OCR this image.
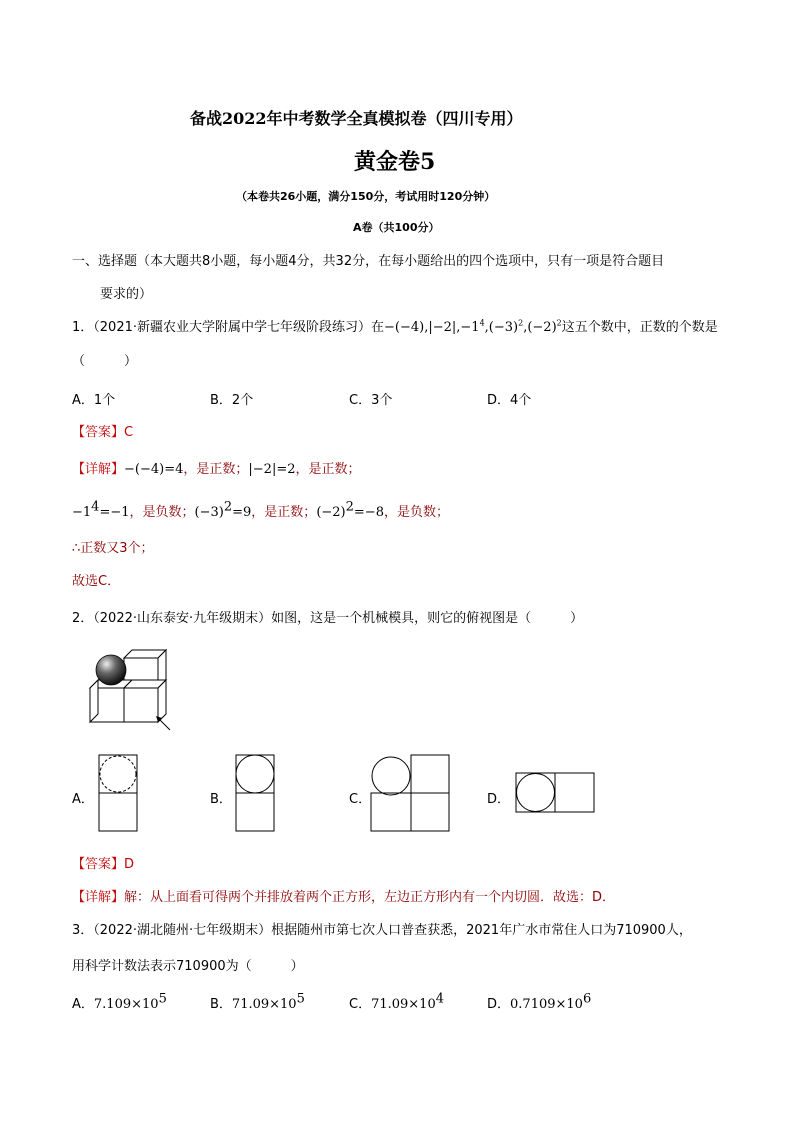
备战2022年中考数学全真模拟卷（四川专用）
黄金卷5
（本卷共26小题，满分150分，考试用时120分钟）
A卷（共100分）
一、选择题（本大题共8小题，每小题4分，共32分，在每小题给出的四个选项中，只有一项是符合题目
要求的）
1．（2021·新疆农业大学附属中学七年级阶段练习）在$-(-4),|-2|,-1^4,(-3)^2,(-2)^2$这五个数中，正数的个数是
（　　　）
A．1个	B．2个	C．3个	D．4个
【答案】C
【详解】−(−4)=4，是正数；|−2|=2，是正数；
$-1^4=-1$，是负数；$(-3)^2=9$，是正数；$(-2)^2=-8$，是负数；
∴正数又3个；
故选C．
2．（2022·山东泰安·九年级期末）如图，这是一个机械模具，则它的俯视图是（　　　）
A．	B．	C．	D．
【答案】D
【详解】解：从上面看可得两个并排放着两个正方形，左边正方形内有一个内切圆．故选：D．
3．（2022·湖北随州·七年级期末）根据随州市第七次人口普查获悉，2021年广水市常住人口为710900人，
用科学计数法表示710900为（　　　）
A．$7.109\times 10^5$	B．$71.09\times 10^5$	C．$71.09\times 10^4$	D．$0.7109\times 10^6$
